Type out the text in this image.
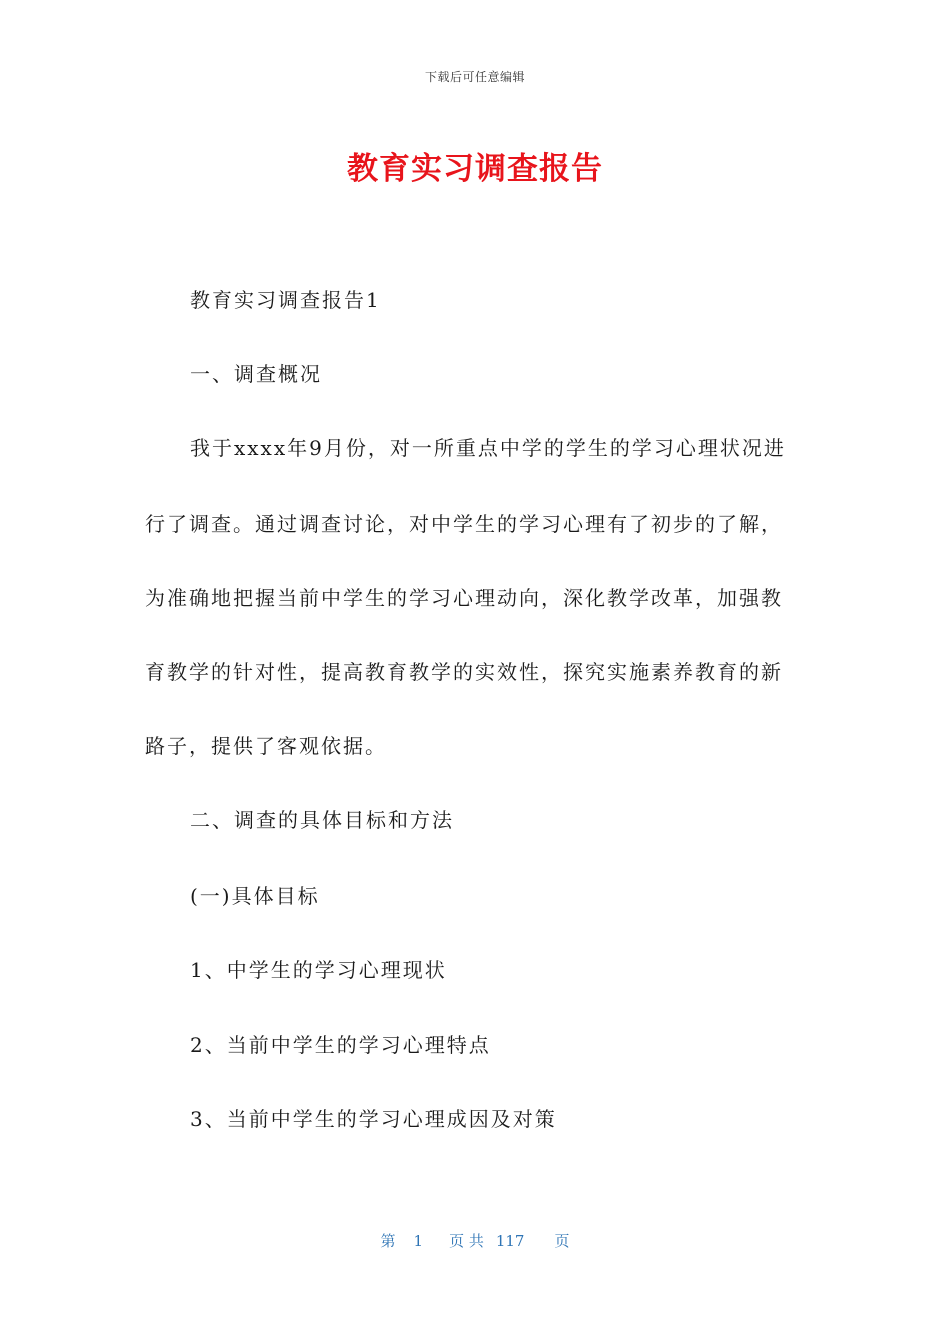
下载后可任意编辑
教育实习调查报告
教育实习调查报告1
一、调查概况
我于xxxx年9月份，对一所重点中学的学生的学习心理状况进
行了调查。通过调查讨论，对中学生的学习心理有了初步的了解，
为准确地把握当前中学生的学习心理动向，深化教学改革，加强教
育教学的针对性，提高教育教学的实效性，探究实施素养教育的新
路子，提供了客观依据。
二、调查的具体目标和方法
(一)具体目标
1、中学生的学习心理现状
2、当前中学生的学习心理特点
3、当前中学生的学习心理成因及对策
第 1 页 共 117 页
